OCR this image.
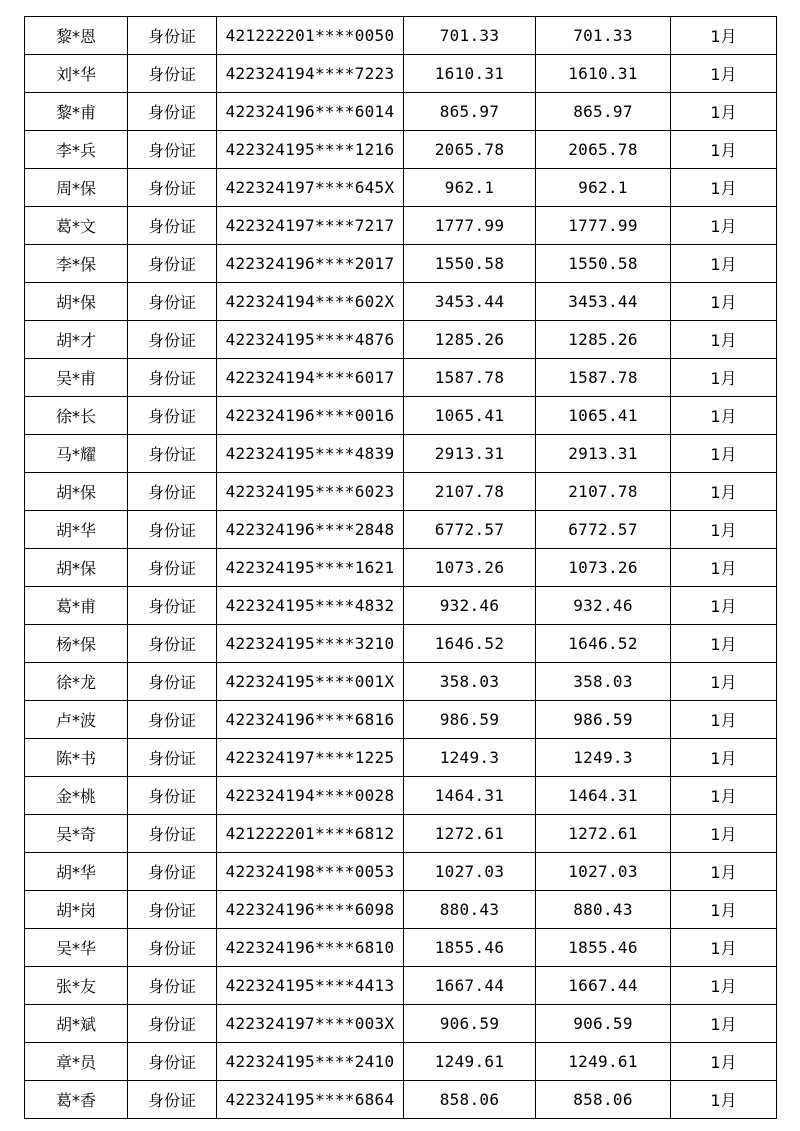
黎*恩	身份证	421222201****0050	701.33	701.33	1月
刘*华	身份证	422324194****7223	1610.31	1610.31	1月
黎*甫	身份证	422324196****6014	865.97	865.97	1月
李*兵	身份证	422324195****1216	2065.78	2065.78	1月
周*保	身份证	422324197****645X	962.1	962.1	1月
葛*文	身份证	422324197****7217	1777.99	1777.99	1月
李*保	身份证	422324196****2017	1550.58	1550.58	1月
胡*保	身份证	422324194****602X	3453.44	3453.44	1月
胡*才	身份证	422324195****4876	1285.26	1285.26	1月
吴*甫	身份证	422324194****6017	1587.78	1587.78	1月
徐*长	身份证	422324196****0016	1065.41	1065.41	1月
马*耀	身份证	422324195****4839	2913.31	2913.31	1月
胡*保	身份证	422324195****6023	2107.78	2107.78	1月
胡*华	身份证	422324196****2848	6772.57	6772.57	1月
胡*保	身份证	422324195****1621	1073.26	1073.26	1月
葛*甫	身份证	422324195****4832	932.46	932.46	1月
杨*保	身份证	422324195****3210	1646.52	1646.52	1月
徐*龙	身份证	422324195****001X	358.03	358.03	1月
卢*波	身份证	422324196****6816	986.59	986.59	1月
陈*书	身份证	422324197****1225	1249.3	1249.3	1月
金*桃	身份证	422324194****0028	1464.31	1464.31	1月
吴*奇	身份证	421222201****6812	1272.61	1272.61	1月
胡*华	身份证	422324198****0053	1027.03	1027.03	1月
胡*岗	身份证	422324196****6098	880.43	880.43	1月
吴*华	身份证	422324196****6810	1855.46	1855.46	1月
张*友	身份证	422324195****4413	1667.44	1667.44	1月
胡*斌	身份证	422324197****003X	906.59	906.59	1月
章*员	身份证	422324195****2410	1249.61	1249.61	1月
葛*香	身份证	422324195****6864	858.06	858.06	1月
